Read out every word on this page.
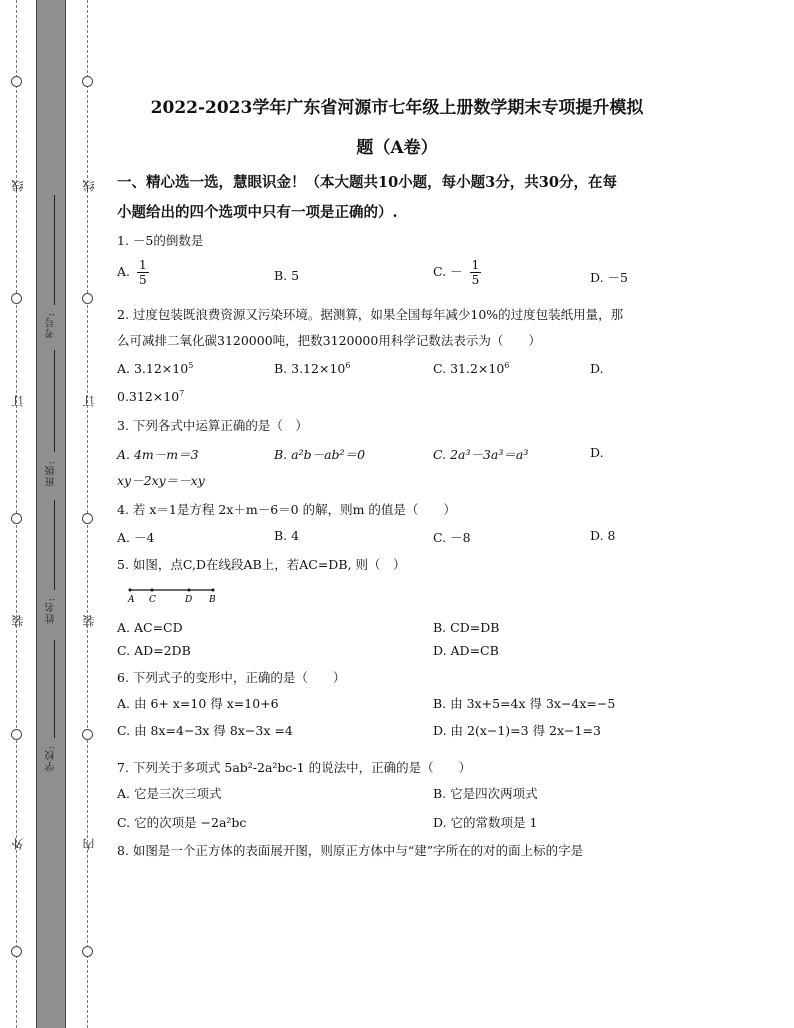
线
订
装
外
线
订
装
内
考号:
班级:
姓名:
学校:
2022-2023学年广东省河源市七年级上册数学期末专项提升模拟
题（A卷）
一、精心选一选，慧眼识金！（本大题共10小题，每小题3分，共30分，在每
小题给出的四个选项中只有一项是正确的）.
1. －5的倒数是
A. $\frac{1}{5}$	B. 5	C. － $\frac{1}{5}$	D. －5
2. 过度包装既浪费资源又污染环境。据测算，如果全国每年减少10%的过度包装纸用量，那
么可减排二氧化碳3120000吨，把数3120000用科学记数法表示为（　　）
A. $3.12\times 10^5$	B. $3.12\times 10^6$	C. $31.2\times 10^6$	D.
$0.312\times 10^7$
3. 下列各式中运算正确的是（　）
A. 4m－m＝3	B. a²b－ab²＝0	C. 2a³－3a³＝a³	D.
xy－2xy＝－xy
4. 若 x＝1是方程 2x＋m－6＝0 的解，则m 的值是（　　）
A. －4	B. 4	C. －8	D. 8
5. 如图，点C,D在线段AB上，若AC=DB, 则（　）
A C	D B
A. AC=CD	B. CD=DB
C. AD=2DB	D. AD=CB
6. 下列式子的变形中，正确的是（　　）
A. 由 6+ x=10 得 x=10+6	B. 由 3x+5=4x 得 3x−4x=−5
C. 由 8x=4−3x 得 8x−3x =4	D. 由 2(x−1)=3 得 2x−1=3
7. 下列关于多项式 5ab²-2a²bc-1 的说法中，正确的是（　　）
A. 它是三次三项式	B. 它是四次两项式
C. 它的次项是 −2a²bc	D. 它的常数项是 1
8. 如图是一个正方体的表面展开图，则原正方体中与“建”字所在的对的面上标的字是
